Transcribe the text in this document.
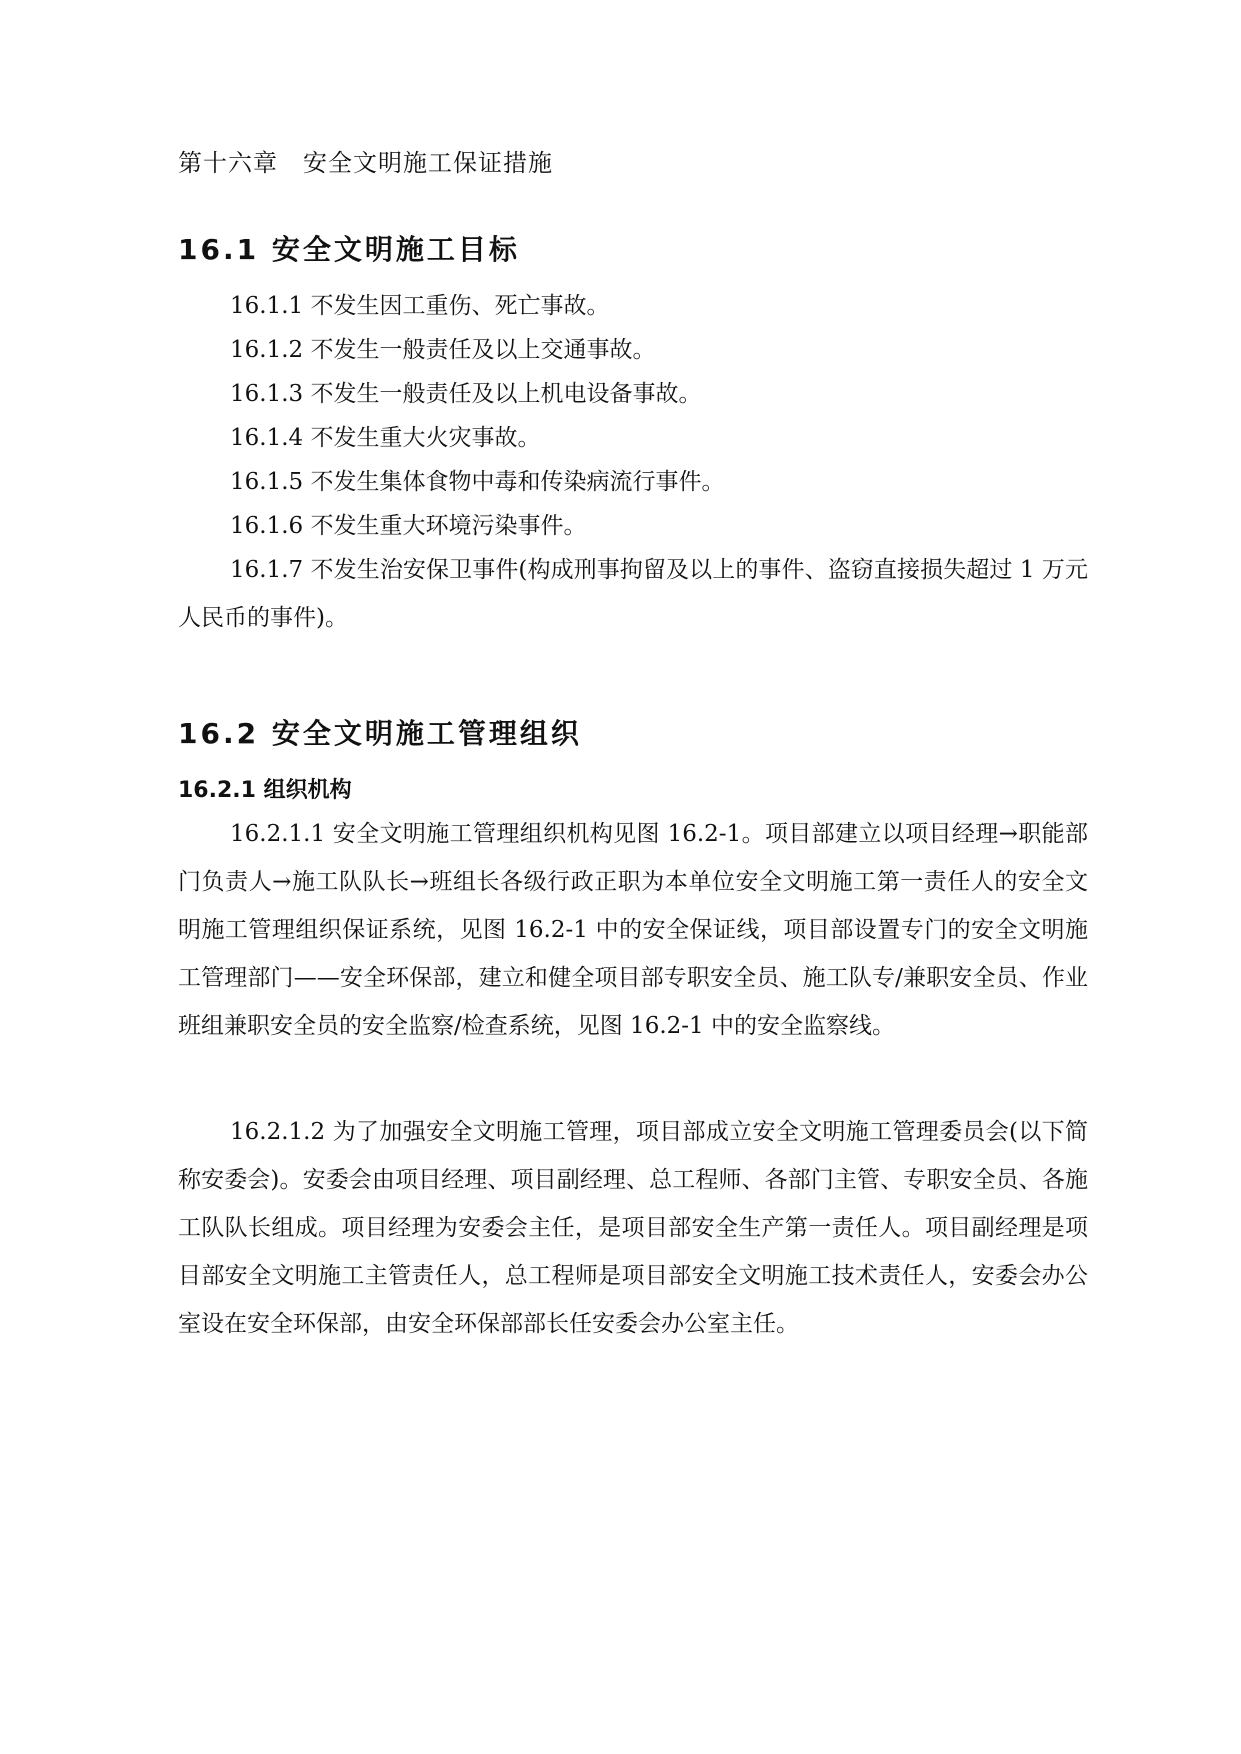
第十六章　安全文明施工保证措施
16.1 安全文明施工目标

16.1.1 不发生因工重伤、死亡事故。

16.1.2 不发生一般责任及以上交通事故。

16.1.3 不发生一般责任及以上机电设备事故。

16.1.4 不发生重大火灾事故。

16.1.5 不发生集体食物中毒和传染病流行事件。

16.1.6 不发生重大环境污染事件。

16.1.7 不发生治安保卫事件(构成刑事拘留及以上的事件、盗窃直接损失超过 1 万元人民币的事件)。

16.2 安全文明施工管理组织
16.2.1 组织机构

16.2.1.1 安全文明施工管理组织机构见图 16.2-1。项目部建立以项目经理→职能部门负责人→施工队队长→班组长各级行政正职为本单位安全文明施工第一责任人的安全文明施工管理组织保证系统，见图 16.2-1 中的安全保证线，项目部设置专门的安全文明施工管理部门——安全环保部，建立和健全项目部专职安全员、施工队专/兼职安全员、作业班组兼职安全员的安全监察/检查系统，见图 16.2-1 中的安全监察线。

16.2.1.2 为了加强安全文明施工管理，项目部成立安全文明施工管理委员会(以下简称安委会)。安委会由项目经理、项目副经理、总工程师、各部门主管、专职安全员、各施工队队长组成。项目经理为安委会主任，是项目部安全生产第一责任人。项目副经理是项目部安全文明施工主管责任人，总工程师是项目部安全文明施工技术责任人，安委会办公室设在安全环保部，由安全环保部部长任安委会办公室主任。
